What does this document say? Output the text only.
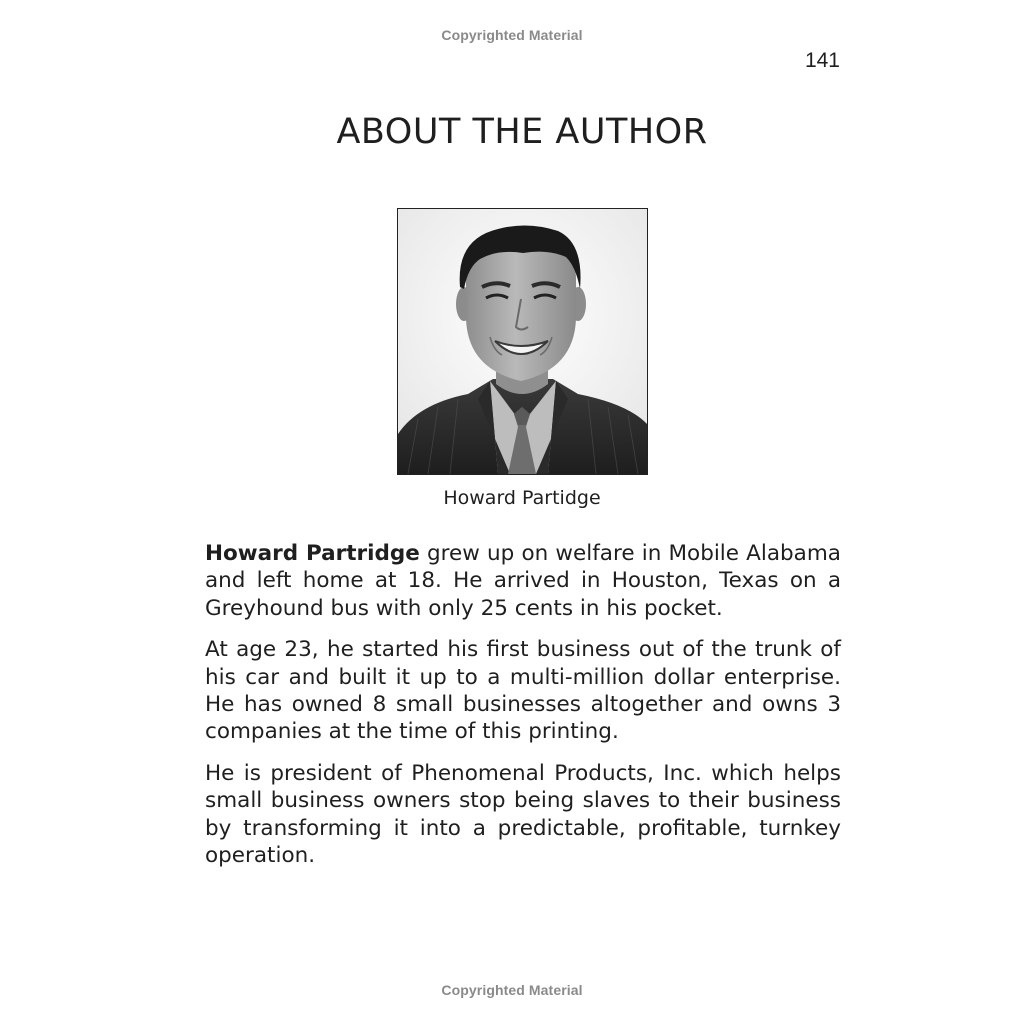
Copyrighted Material
141
ABOUT THE AUTHOR
Howard Partidge

Howard Partridge grew up on welfare in Mobile Alabama and left home at 18. He arrived in Houston, Texas on a Greyhound bus with only 25 cents in his pocket.

At age 23, he started his first business out of the trunk of his car and built it up to a multi-million dollar enterprise. He has owned 8 small businesses altogether and owns 3 companies at the time of this printing.

He is president of Phenomenal Products, Inc. which helps small business owners stop being slaves to their business by transforming it into a predictable, profitable, turnkey operation.

Copyrighted Material
